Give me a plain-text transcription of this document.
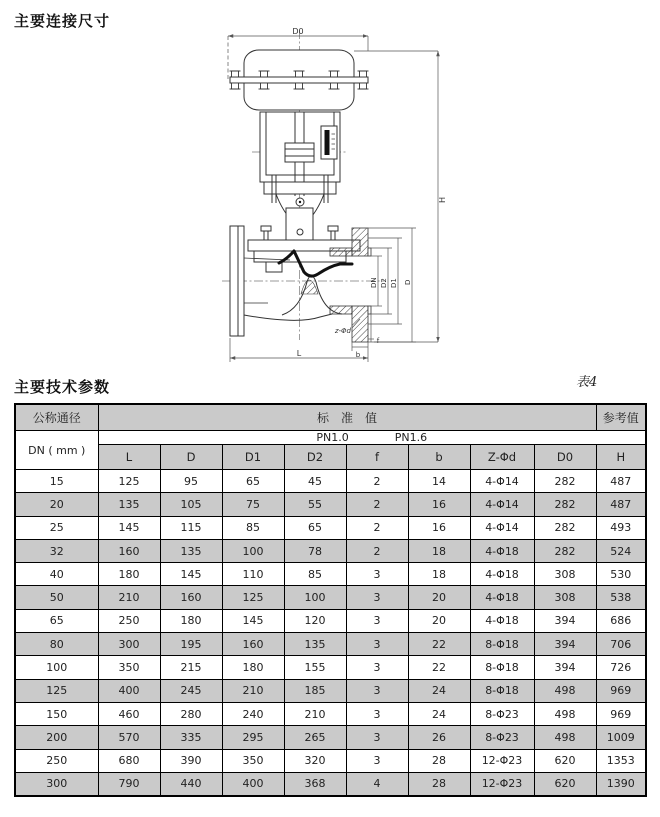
主要连接尺寸
D0
H
DN D2 D1 D
z-Φd
b
f
L
主要技术参数	表4
公称通径	标　准　值								参考值
DN ( mm )	PN1.0 PN1.6								
	L	D	D1	D2	f	b	Z-Φd	D0	H
15	125	95	65	45	2	14	4-Φ14	282	487
20	135	105	75	55	2	16	4-Φ14	282	487
25	145	115	85	65	2	16	4-Φ14	282	493
32	160	135	100	78	2	18	4-Φ18	282	524
40	180	145	110	85	3	18	4-Φ18	308	530
50	210	160	125	100	3	20	4-Φ18	308	538
65	250	180	145	120	3	20	4-Φ18	394	686
80	300	195	160	135	3	22	8-Φ18	394	706
100	350	215	180	155	3	22	8-Φ18	394	726
125	400	245	210	185	3	24	8-Φ18	498	969
150	460	280	240	210	3	24	8-Φ23	498	969
200	570	335	295	265	3	26	8-Φ23	498	1009
250	680	390	350	320	3	28	12-Φ23	620	1353
300	790	440	400	368	4	28	12-Φ23	620	1390
